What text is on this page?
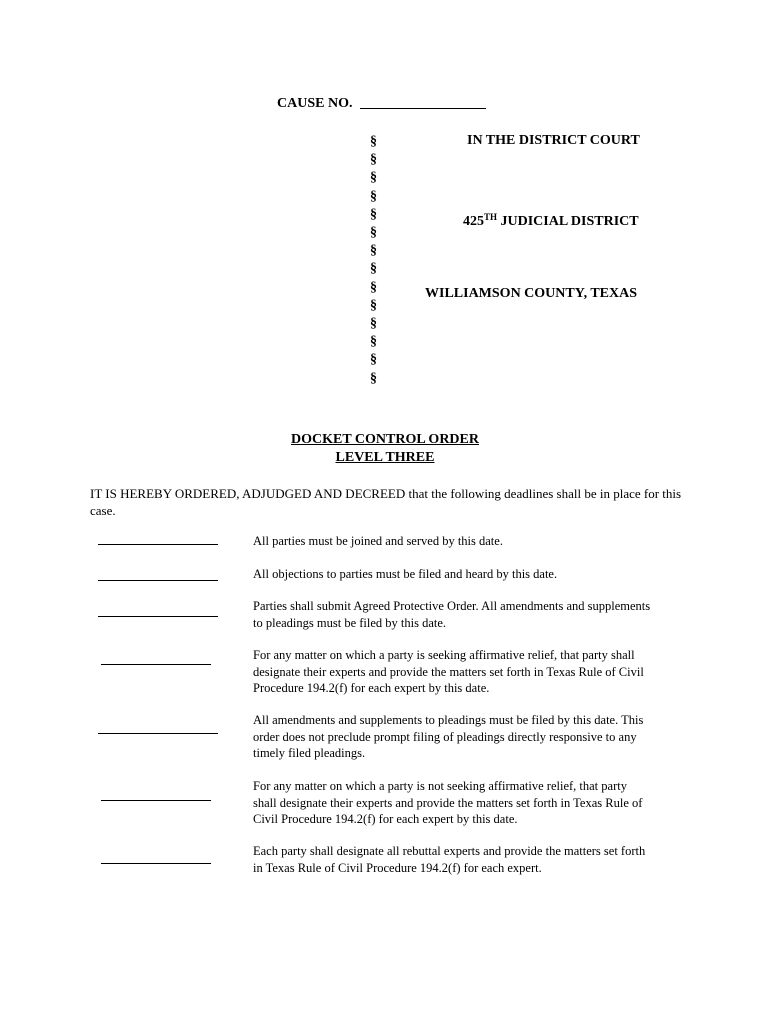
CAUSE NO.
§
§
§
§
§
§
§
§
§
§
§
§
§
§
IN THE DISTRICT COURT
425TH JUDICIAL DISTRICT
WILLIAMSON COUNTY, TEXAS
DOCKET CONTROL ORDER
LEVEL THREE
IT IS HEREBY ORDERED, ADJUDGED AND DECREED that the following deadlines shall be in place for this case.
All parties must be joined and served by this date.
All objections to parties must be filed and heard by this date.
Parties shall submit Agreed Protective Order. All amendments and supplements to pleadings must be filed by this date.
For any matter on which a party is seeking affirmative relief, that party shall designate their experts and provide the matters set forth in Texas Rule of Civil Procedure 194.2(f) for each expert by this date.
All amendments and supplements to pleadings must be filed by this date. This order does not preclude prompt filing of pleadings directly responsive to any timely filed pleadings.
For any matter on which a party is not seeking affirmative relief, that party shall designate their experts and provide the matters set forth in Texas Rule of Civil Procedure 194.2(f) for each expert by this date.
Each party shall designate all rebuttal experts and provide the matters set forth in Texas Rule of Civil Procedure 194.2(f) for each expert.
